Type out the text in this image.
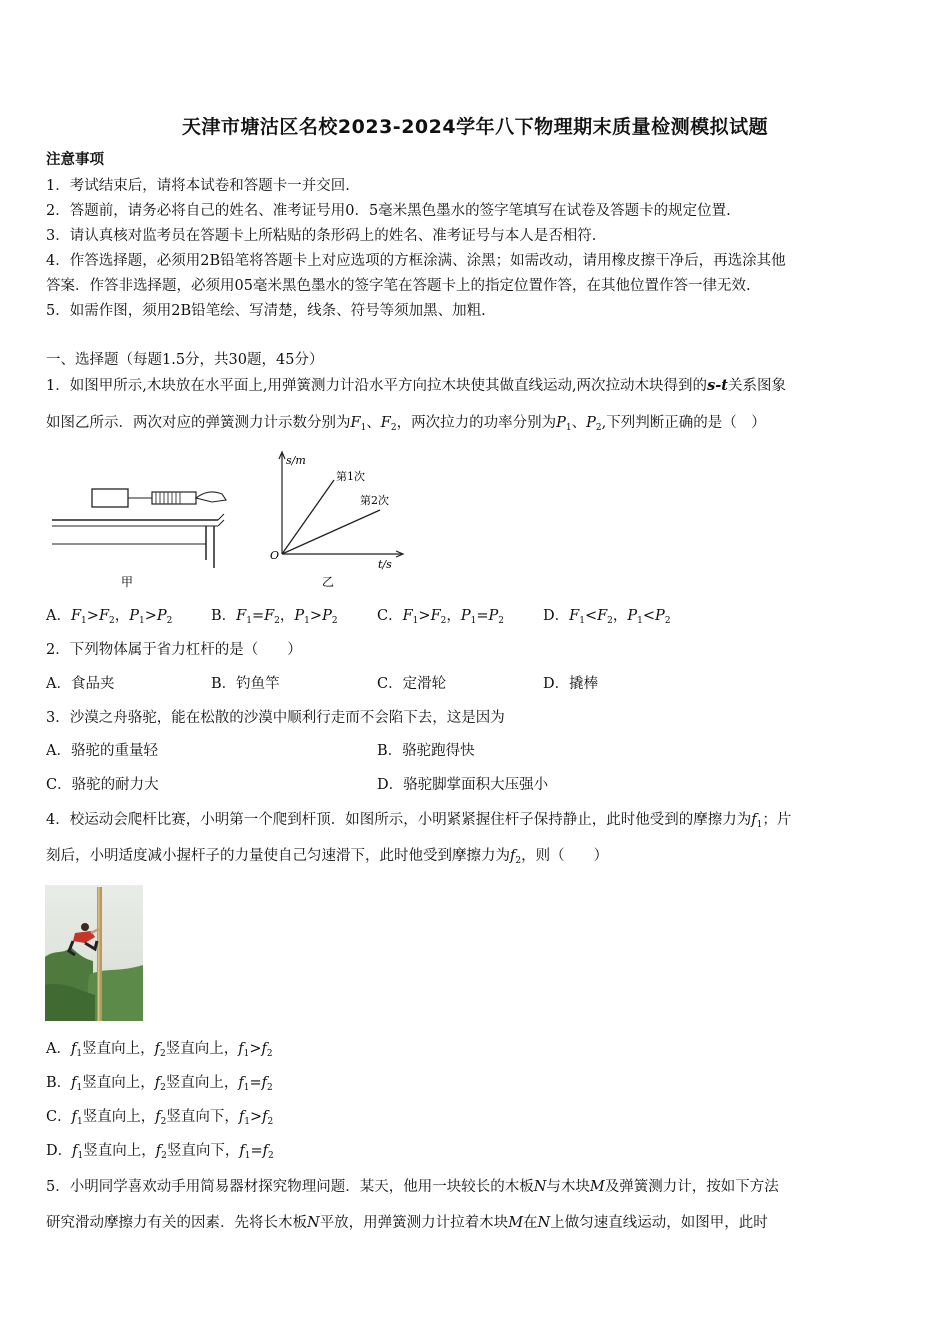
天津市塘沽区名校2023-2024学年八下物理期末质量检测模拟试题
注意事项
1．考试结束后，请将本试卷和答题卡一并交回.
2．答题前，请务必将自己的姓名、准考证号用0．5毫米黑色墨水的签字笔填写在试卷及答题卡的规定位置.
3．请认真核对监考员在答题卡上所粘贴的条形码上的姓名、准考证号与本人是否相符.
4．作答选择题，必须用2B铅笔将答题卡上对应选项的方框涂满、涂黑；如需改动，请用橡皮擦干净后，再选涂其他
答案．作答非选择题，必须用05毫米黑色墨水的签字笔在答题卡上的指定位置作答，在其他位置作答一律无效.
5．如需作图，须用2B铅笔绘、写清楚，线条、符号等须加黑、加粗.
一、选择题（每题1.5分，共30题，45分）
1．如图甲所示,木块放在水平面上,用弹簧测力计沿水平方向拉木块使其做直线运动,两次拉动木块得到的s-t关系图象
如图乙所示．两次对应的弹簧测力计示数分别为$F_1$、$F_2$，两次拉力的功率分别为$P_1$、$P_2$,下列判断正确的是（　）
甲
s/m
t/s
O
第1次
第2次
乙
A．$F_1>F_2$，$P_1>P_2$	B．$F_1=F_2$，$P_1>P_2$	C．$F_1>F_2$，$P_1=P_2$	D．$F_1<F_2$，$P_1<P_2$
2．下列物体属于省力杠杆的是（　　）
A．食品夹	B．钓鱼竿	C．定滑轮	D．撬棒
3．沙漠之舟骆驼，能在松散的沙漠中顺利行走而不会陷下去，这是因为
A．骆驼的重量轻	B．骆驼跑得快
C．骆驼的耐力大	D．骆驼脚掌面积大压强小
4．校运动会爬杆比赛，小明第一个爬到杆顶．如图所示，小明紧紧握住杆子保持静止，此时他受到的摩擦力为$f_1$；片
刻后，小明适度减小握杆子的力量使自己匀速滑下，此时他受到摩擦力为$f_2$，则（　　）
A．$f_1$竖直向上，$f_2$竖直向上，$f_1>f_2$
B．$f_1$竖直向上，$f_2$竖直向上，$f_1=f_2$
C．$f_1$竖直向上，$f_2$竖直向下，$f_1>f_2$
D．$f_1$竖直向上，$f_2$竖直向下，$f_1=f_2$
5．小明同学喜欢动手用简易器材探究物理问题．某天，他用一块较长的木板N与木块M及弹簧测力计，按如下方法
研究滑动摩擦力有关的因素．先将长木板N平放，用弹簧测力计拉着木块M在N上做匀速直线运动，如图甲，此时
